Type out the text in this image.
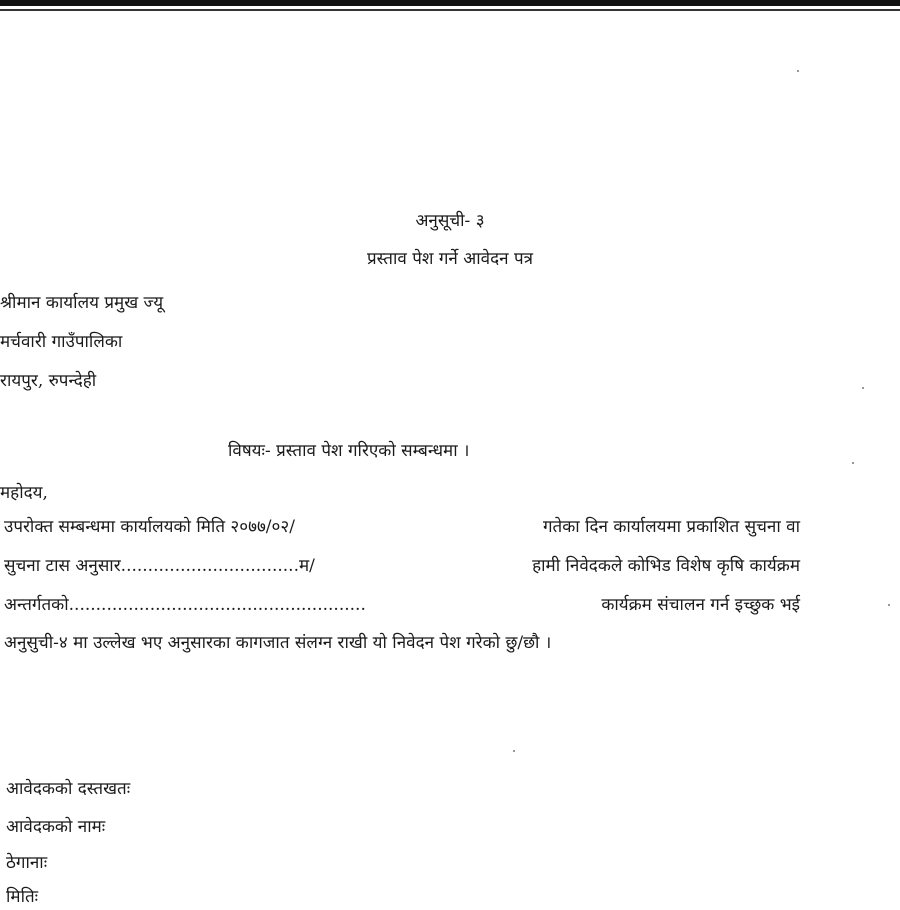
अनुसूची- ३
प्रस्ताव पेश गर्ने आवेदन पत्र
श्रीमान कार्यालय प्रमुख ज्यू
मर्चवारी गाउँपालिका
रायपुर, रुपन्देही
विषयः- प्रस्ताव पेश गरिएको सम्बन्धमा ।
महोदय,
उपरोक्त सम्बन्धमा कार्यालयको मिति २०७७/०२/	गतेका दिन कार्यालयमा प्रकाशित सुचना वा
सुचना टास अनुसार.................................म/	हामी निवेदकले कोभिड विशेष कृषि कार्यक्रम
अन्तर्गतको.......................................................	कार्यक्रम संचालन गर्न इच्छुक भई
अनुसुची-४ मा उल्लेख भए अनुसारका कागजात संलग्न राखी यो निवेदन पेश गरेको छु/छौ ।
आवेदकको दस्तखतः
आवेदकको नामः
ठेगानाः
मितिः
